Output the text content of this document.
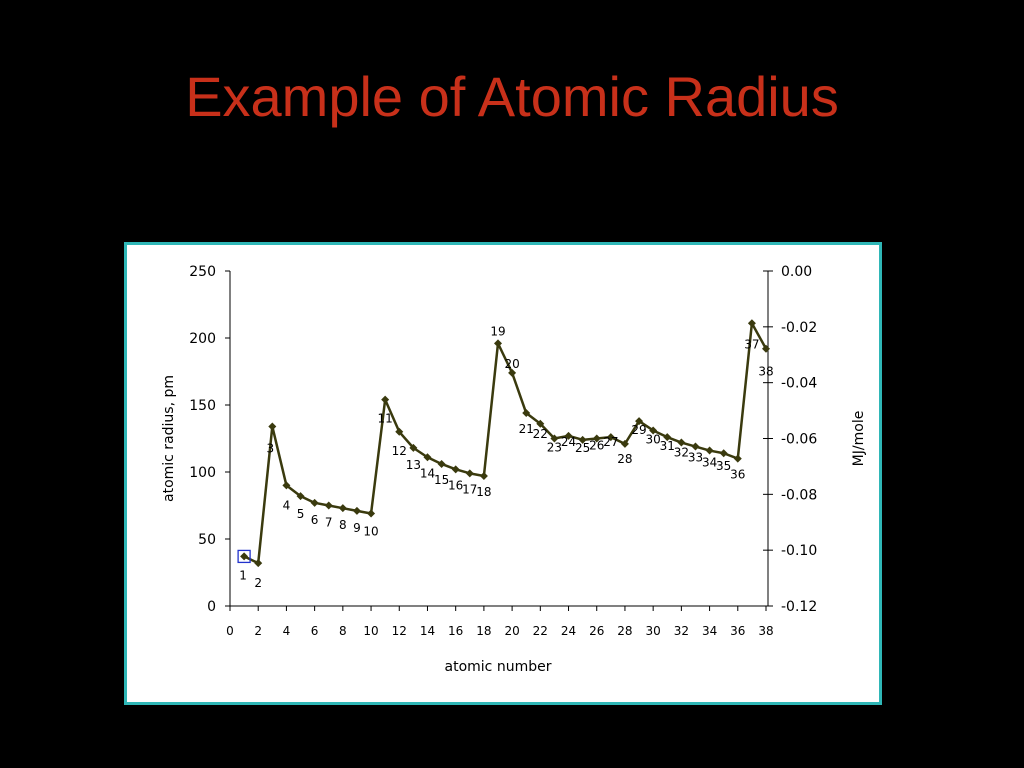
Example of Atomic Radius
0
50
100
150
200
250
-0.12
-0.10
-0.08
-0.06
-0.04
-0.02
0.00
0 2 4 6 8 10 12 14 16 18 20 22 24 26 28 30 32 34 36 38
1
2
3
4
5 6 7 8 9 10
11
12
13
14
15
16
17
18
19
20
21
22
23
24
25
26
27
28
29
30
31
32
33
34
35
36
37
38
atomic number
atomic radius, pm	MJ/mole
